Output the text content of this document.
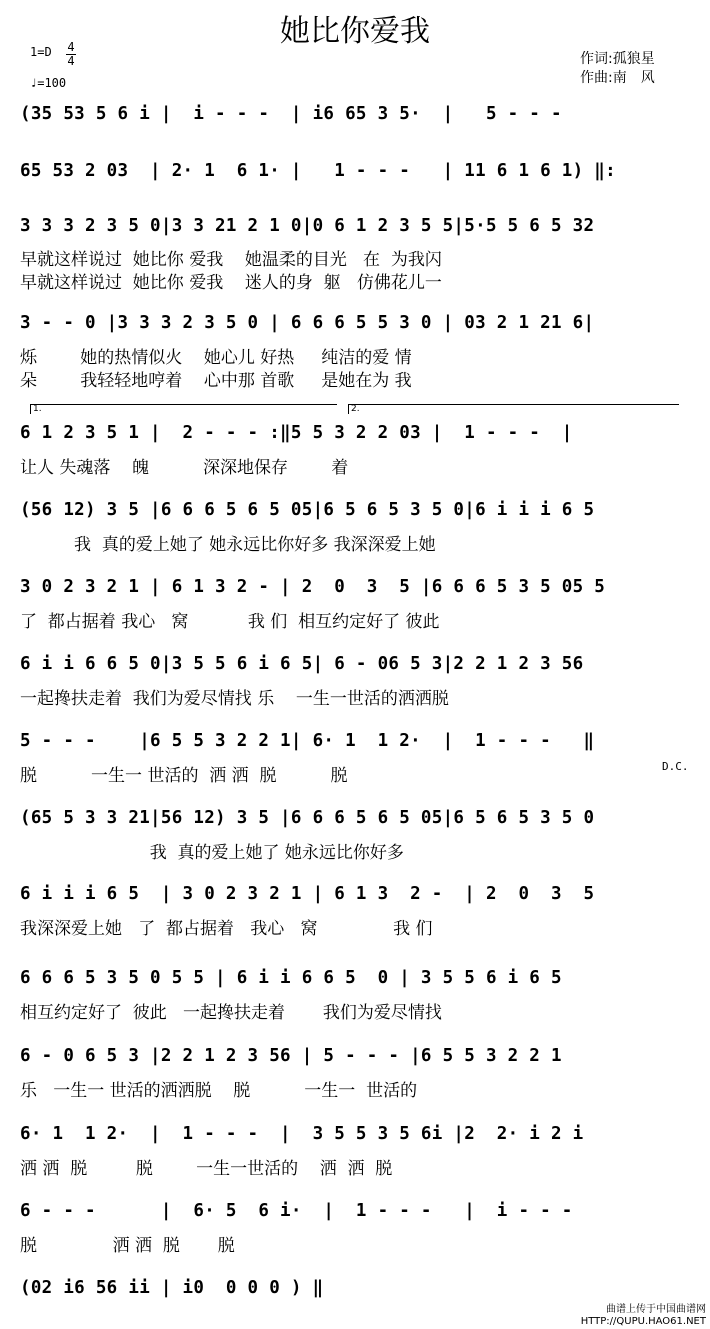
她比你爱我
1=D 4
4
♩=100
作词:孤狼星
作曲:南　风
(35 53 5 6 i |  i - - -  | i6 65 3 5·  |   5 - - -
65 53 2 03  | 2· 1  6 1· |   1 - - -   | 11 6 1 6 1) ‖:
3 3 3 2 3 5 0|3 3 21 2 1 0|0 6 1 2 3 5 5|5·5 5 6 5 32
早就这样说过  她比你 爱我    她温柔的目光   在  为我闪
早就这样说过  她比你 爱我    迷人的身  躯   仿佛花儿一
3 - - 0 |3 3 3 2 3 5 0 | 6 6 6 5 5 3 0 | 03 2 1 21 6|
烁        她的热情似火    她心儿 好热     纯洁的爱 情
朵        我轻轻地哼着    心中那 首歌     是她在为 我
1.	2.
6 1 2 3 5 1 |  2 - - - :‖5 5 3 2 2 03 |  1 - - -  |
让人 失魂落    魄          深深地保存        着
(56 12) 3 5 |6 6 6 5 6 5 05|6 5 6 5 3 5 0|6 i i i 6 5
我  真的爱上她了 她永远比你好多 我深深爱上她
3 0 2 3 2 1 | 6 1 3 2 - | 2  0  3  5 |6 6 6 5 3 5 05 5
了  都占据着 我心   窝           我 们  相互约定好了 彼此
6 i i 6 6 5 0|3 5 5 6 i 6 5| 6 - 06 5 3|2 2 1 2 3 56
一起搀扶走着  我们为爱尽情找 乐    一生一世活的洒洒脱
5 - - -    |6 5 5 3 2 2 1| 6· 1  1 2·  |  1 - - -   ‖
脱          一生一 世活的  洒 洒  脱          脱	D.C.
(65 5 3 3 21|56 12) 3 5 |6 6 6 5 6 5 05|6 5 6 5 3 5 0
我  真的爱上她了 她永远比你好多
6 i i i 6 5  | 3 0 2 3 2 1 | 6 1 3  2 -  | 2  0  3  5
我深深爱上她   了  都占据着   我心   窝              我 们
6 6 6 5 3 5 0 5 5 | 6 i i 6 6 5  0 | 3 5 5 6 i 6 5
相互约定好了  彼此   一起搀扶走着       我们为爱尽情找
6 - 0 6 5 3 |2 2 1 2 3 56 | 5 - - - |6 5 5 3 2 2 1
乐   一生一 世活的洒洒脱    脱          一生一  世活的
6· 1  1 2·  |  1 - - -  |  3 5 5 3 5 6i |2  2· i 2 i
洒 洒  脱         脱        一生一世活的    洒  洒  脱
6 - - -      |  6· 5  6 i·  |  1 - - -   |  i - - -
脱              洒 洒  脱       脱
(02 i6 56 ii | i0  0 0 0 ) ‖
曲谱上传于中国曲谱网
HTTP://QUPU.HAO61.NET
